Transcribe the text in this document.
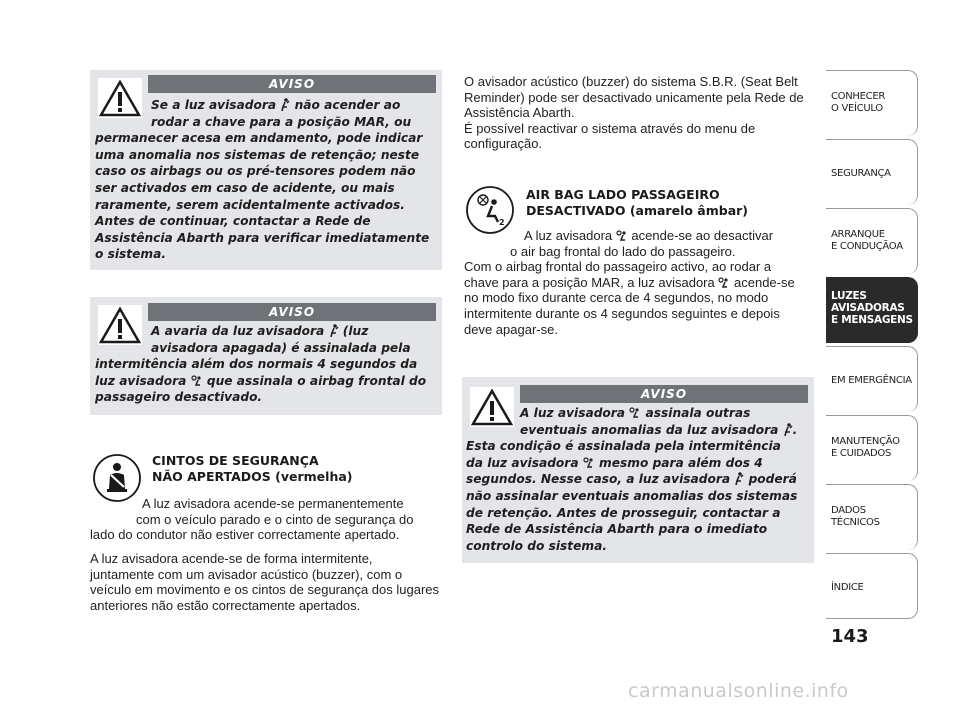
AVISO
Se a luz avisadora não acender ao
rodar a chave para a posição MAR, ou
permanecer acesa em andamento, pode indicar uma anomalia nos sistemas de retenção; neste caso os airbags ou os pré-tensores podem não ser activados em caso de acidente, ou mais raramente, serem acidentalmente activados. Antes de continuar, contactar a Rede de Assistência Abarth para verificar imediatamente o sistema.
AVISO
A avaria da luz avisadora (luz
avisadora apagada) é assinalada pela
intermitência além dos normais 4 segundos da
luz avisadora que assinala o airbag frontal do
passageiro desactivado.
CINTOS DE SEGURANÇA
NÃO APERTADOS (vermelha)
A luz avisadora acende-se permanentemente
com o veículo parado e o cinto de segurança do
lado do condutor não estiver correctamente apertado.
A luz avisadora acende-se de forma intermitente, juntamente com um avisador acústico (buzzer), com o veículo em movimento e os cintos de segurança dos lugares anteriores não estão correctamente apertados.
O avisador acústico (buzzer) do sistema S.B.R. (Seat Belt Reminder) pode ser desactivado unicamente pela Rede de Assistência Abarth.
É possível reactivar o sistema através do menu de configuração.
2
AIR BAG LADO PASSAGEIRO
DESACTIVADO (amarelo âmbar)
A luz avisadora acende-se ao desactivar
o air bag frontal do lado do passageiro.
Com o airbag frontal do passageiro activo, ao rodar a chave para a posição MAR, a luz avisadora acende-se no modo fixo durante cerca de 4 segundos, no modo intermitente durante os 4 segundos seguintes e depois deve apagar-se.
AVISO
A luz avisadora assinala outras
eventuais anomalias da luz avisadora .
Esta condição é assinalada pela intermitência
da luz avisadora mesmo para além dos 4
segundos. Nesse caso, a luz avisadora poderá
não assinalar eventuais anomalias dos sistemas de retenção. Antes de prosseguir, contactar a Rede de Assistência Abarth para o imediato controlo do sistema.
CONHECER
O VEÍCULO
SEGURANÇA
ARRANQUE
E CONDUÇÃOA
LUZES
AVISADORAS
E MENSAGENS
EM EMERGÊNCIA
MANUTENÇÃO
E CUIDADOS
DADOS
TÉCNICOS
ÍNDICE
143
carmanualsonline.info
